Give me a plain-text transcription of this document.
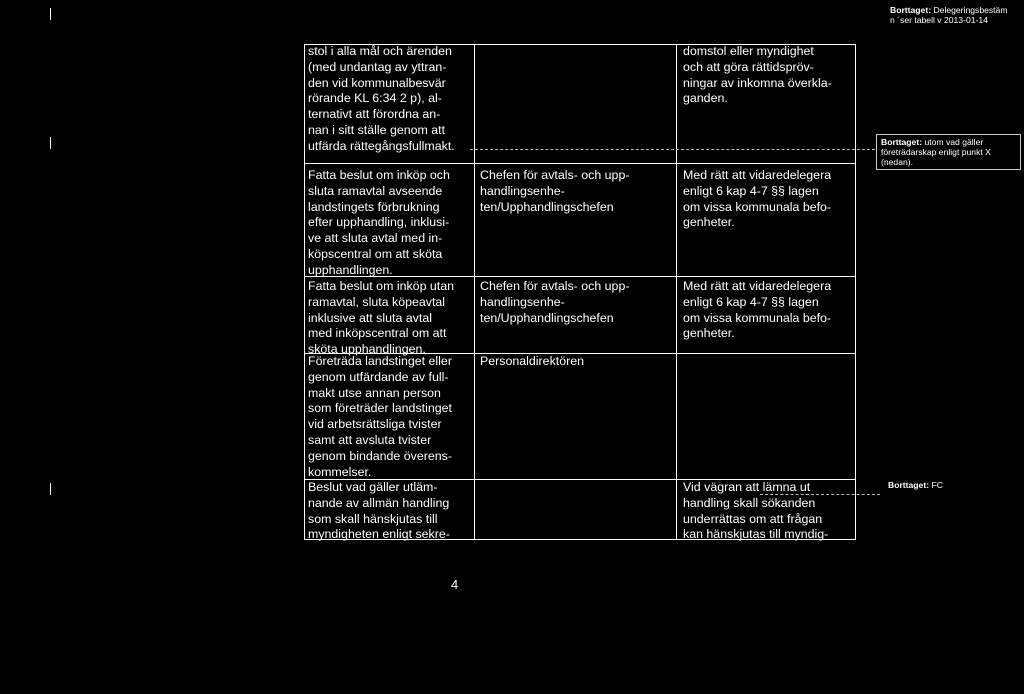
Borttaget: Delegeringsbestäm
n ´ser tabell v 2013-01-14
stol i alla mål och ärenden
(med undantag av yttran-
den vid kommunalbesvär
rörande KL 6:34 2 p), al-
ternativt att förordna an-
nan i sitt ställe genom att
utfärda rättegångsfullmakt.
domstol eller myndighet
och att göra rättidspröv-
ningar av inkomna överkla-
ganden.
Fatta beslut om inköp och
sluta ramavtal avseende
landstingets förbrukning
efter upphandling, inklusi-
ve att sluta avtal med in-
köpscentral om att sköta
upphandlingen.
Chefen för avtals- och upp-
handlingsenhe-
ten/Upphandlingschefen
Med rätt att vidaredelegera
enligt 6 kap 4-7 §§ lagen
om vissa kommunala befo-
genheter.
Fatta beslut om inköp utan
ramavtal, sluta köpeavtal
inklusive att sluta avtal
med inköpscentral om att
sköta upphandlingen.
Chefen för avtals- och upp-
handlingsenhe-
ten/Upphandlingschefen
Med rätt att vidaredelegera
enligt 6 kap 4-7 §§ lagen
om vissa kommunala befo-
genheter.
Företräda landstinget eller
genom utfärdande av full-
makt utse annan person
som företräder landstinget
vid arbetsrättsliga tvister
samt att avsluta tvister
genom bindande överens-
kommelser.
Personaldirektören
Beslut vad gäller utläm-
nande av allmän handling
som skall hänskjutas till
myndigheten enligt sekre-
Vid vägran att lämna ut
handling skall sökanden
underrättas om att frågan
kan hänskjutas till myndig-
Borttaget: utom vad gäller
företrädarskap enligt punkt X
(nedan).
Borttaget: FC
4
